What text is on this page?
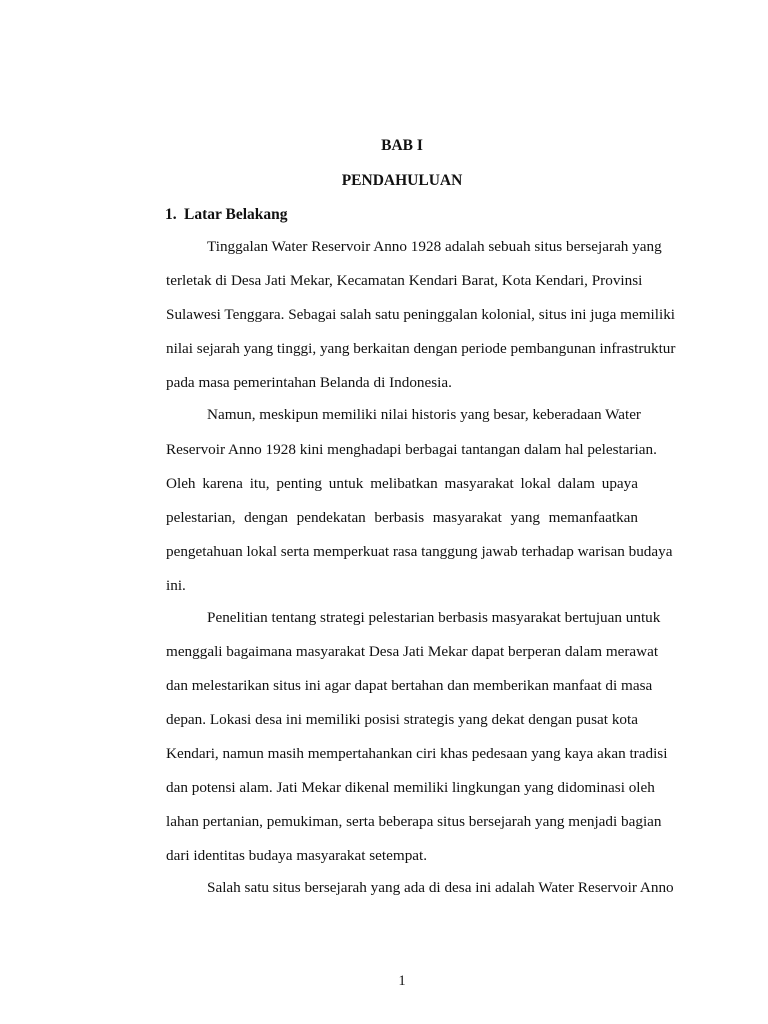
BAB I
PENDAHULUAN
1. Latar Belakang
Tinggalan Water Reservoir Anno 1928 adalah sebuah situs bersejarah yang
terletak di Desa Jati Mekar, Kecamatan Kendari Barat, Kota Kendari, Provinsi
Sulawesi Tenggara. Sebagai salah satu peninggalan kolonial, situs ini juga memiliki
nilai sejarah yang tinggi, yang berkaitan dengan periode pembangunan infrastruktur
pada masa pemerintahan Belanda di Indonesia.
Namun, meskipun memiliki nilai historis yang besar, keberadaan Water
Reservoir Anno 1928 kini menghadapi berbagai tantangan dalam hal pelestarian.
Oleh karena itu, penting untuk melibatkan masyarakat lokal dalam upaya
pelestarian, dengan pendekatan berbasis masyarakat yang memanfaatkan
pengetahuan lokal serta memperkuat rasa tanggung jawab terhadap warisan budaya
ini.
Penelitian tentang strategi pelestarian berbasis masyarakat bertujuan untuk
menggali bagaimana masyarakat Desa Jati Mekar dapat berperan dalam merawat
dan melestarikan situs ini agar dapat bertahan dan memberikan manfaat di masa
depan. Lokasi desa ini memiliki posisi strategis yang dekat dengan pusat kota
Kendari, namun masih mempertahankan ciri khas pedesaan yang kaya akan tradisi
dan potensi alam. Jati Mekar dikenal memiliki lingkungan yang didominasi oleh
lahan pertanian, pemukiman, serta beberapa situs bersejarah yang menjadi bagian
dari identitas budaya masyarakat setempat.
Salah satu situs bersejarah yang ada di desa ini adalah Water Reservoir Anno
1
